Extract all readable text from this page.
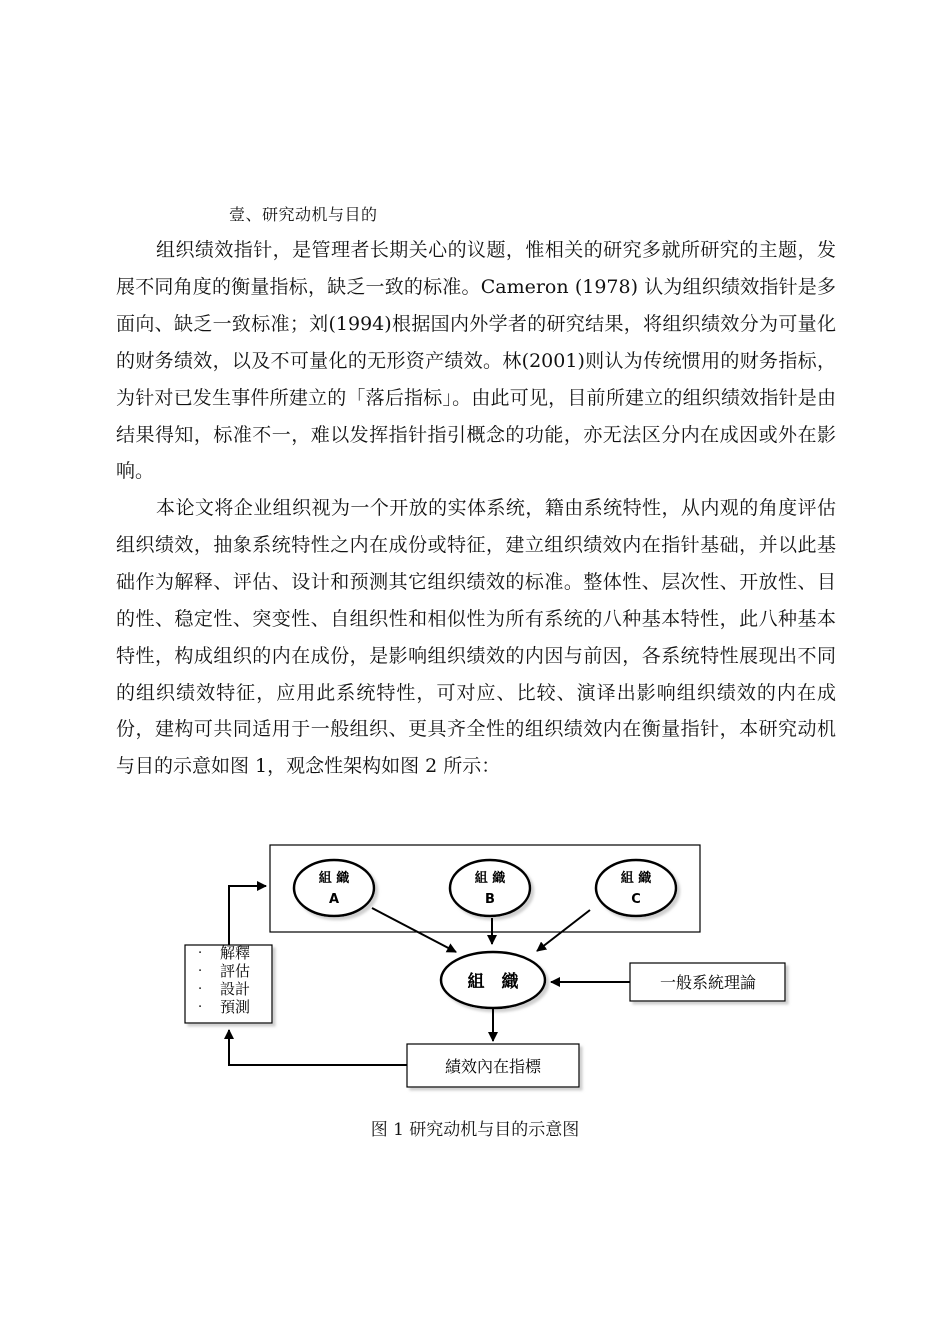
壹、研究动机与目的

组织绩效指针，是管理者长期关心的议题，惟相关的研究多就所研究的主题，发展不同角度的衡量指标，缺乏一致的标准。Cameron (1978) 认为组织绩效指针是多面向、缺乏一致标准；刘(1994)根据国内外学者的研究结果，将组织绩效分为可量化的财务绩效，以及不可量化的无形资产绩效。林(2001)则认为传统惯用的财务指标，为针对已发生事件所建立的「落后指标」。由此可见，目前所建立的组织绩效指针是由结果得知，标准不一，难以发挥指针指引概念的功能，亦无法区分内在成因或外在影响。

本论文将企业组织视为一个开放的实体系统，籍由系统特性，从内观的角度评估组织绩效，抽象系统特性之内在成份或特征，建立组织绩效内在指针基础，并以此基础作为解释、评估、设计和预测其它组织绩效的标准。整体性、层次性、开放性、目的性、稳定性、突变性、自组织性和相似性为所有系统的八种基本特性，此八种基本特性，构成组织的内在成份，是影响组织绩效的内因与前因，各系统特性展现出不同的组织绩效特征，应用此系统特性，可对应、比较、演译出影响组织绩效的内在成份，建构可共同适用于一般组织、更具齐全性的组织绩效内在衡量指针，本研究动机与目的示意如图 1，观念性架构如图 2 所示：

組 織
A
組 織
B
組 織
C
組　織	一般系統理論
績效內在指標
· 解釋
· 評估
· 設計
· 預測
图 1 研究动机与目的示意图
